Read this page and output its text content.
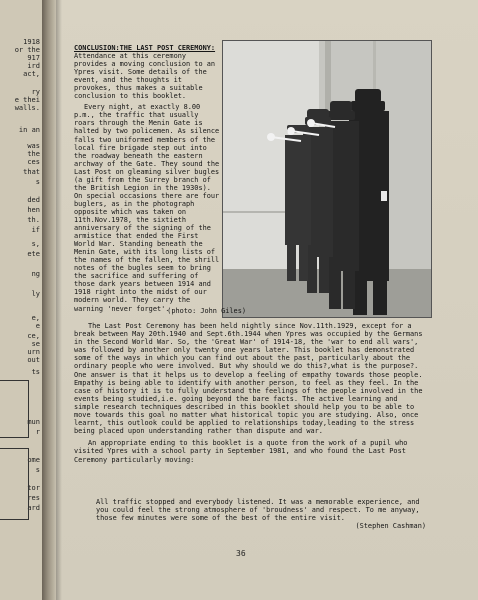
1918
or the
917
ird
act,
ry
e thei
walls.
in an
was
the
ces
that
s
ded
hen
th.
if
s,
ete
ng
ly
e,
e
ce,
se
urn
out
ts
mun
r
ome
s
tor
res
ard

CONCLUSION:THE LAST POST CEREMONY: Attendance at this ceremony provides a moving conclusion to an Ypres visit. Some details of the event, and the thoughts it provokes, thus makes a suitable conclusion to this booklet.

Every night, at exactly 8.00 p.m., the traffic that usually roars through the Menin Gate is halted by two policemen. As silence falls two uniformed members of the local fire brigade step out into the roadway beneath the eastern archway of the Gate. They sound the Last Post on gleaming silver bugles (a gift from the Surrey branch of the British Legion in the 1930s). On special occasions there are four buglers, as in the photograph opposite which was taken on 11th.Nov.1978, the sixtieth anniversary of the signing of the armistice that ended the First World War. Standing beneath the Menin Gate, with its long lists of the names of the fallen, the shrill notes of the bugles seem to bring the sacrifice and suffering of those dark years between 1914 and 1918 right into the midst of our modern world. They carry the warning 'never forget'.

(photo: John Giles)

The Last Post Ceremony has been held nightly since Nov.11th.1929, except for a break between May 20th.1940 and Sept.6th.1944 when Ypres was occupied by the Germans in the Second World War. So, the 'Great War' of 1914-18, the 'war to end all wars', was followed by another only twenty one years later. This booklet has demonstrated some of the ways in which you can find out about the past, particularly about the ordinary people who were involved. But why should we do this?,what is the purpose?. One answer is that it helps us to develop a feeling of empathy towards those people. Empathy is being able to identify with another person, to feel as they feel. In the case of history it is to fully understand the feelings of the people involved in the events being studied,i.e. going beyond the bare facts. The active learning and simple research techniques described in this booklet should help you to be able to move towards this goal no matter what historical topic you are studying. Also, once learnt, this outlook could be applied to relationships today,leading to the stress being placed upon understanding rather than dispute and war.

An appropriate ending to this booklet is a quote from the work of a pupil who visited Ypres with a school party in September 1981, and who found the Last Post Ceremony particularly moving:

All traffic stopped and everybody listened. It was a memorable experience, and you could feel the strong atmosphere of 'broudness' and respect. To me anyway, those few minutes were some of the best of the entire visit.
(Stephen Cashman)
36
